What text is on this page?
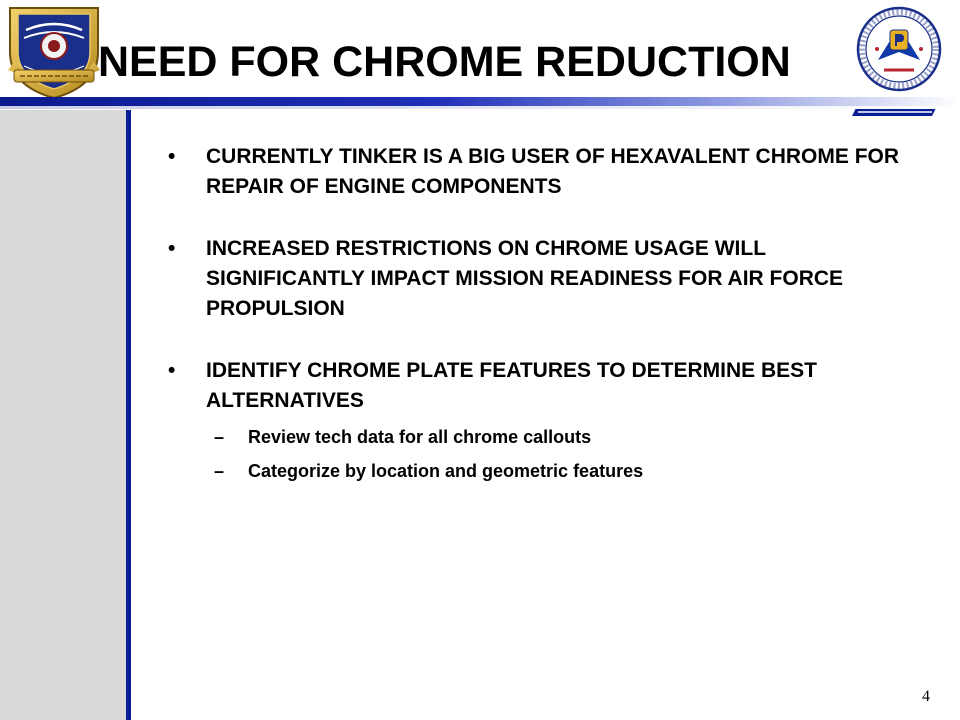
NEED FOR CHROME REDUCTION
•	CURRENTLY TINKER IS A BIG USER OF HEXAVALENT CHROME FOR REPAIR OF ENGINE COMPONENTS
•	INCREASED RESTRICTIONS ON CHROME USAGE WILL SIGNIFICANTLY IMPACT MISSION READINESS FOR AIR FORCE PROPULSION
•	IDENTIFY CHROME PLATE FEATURES TO DETERMINE BEST ALTERNATIVES
– Review tech data for all chrome callouts
– Categorize by location and geometric features
4
